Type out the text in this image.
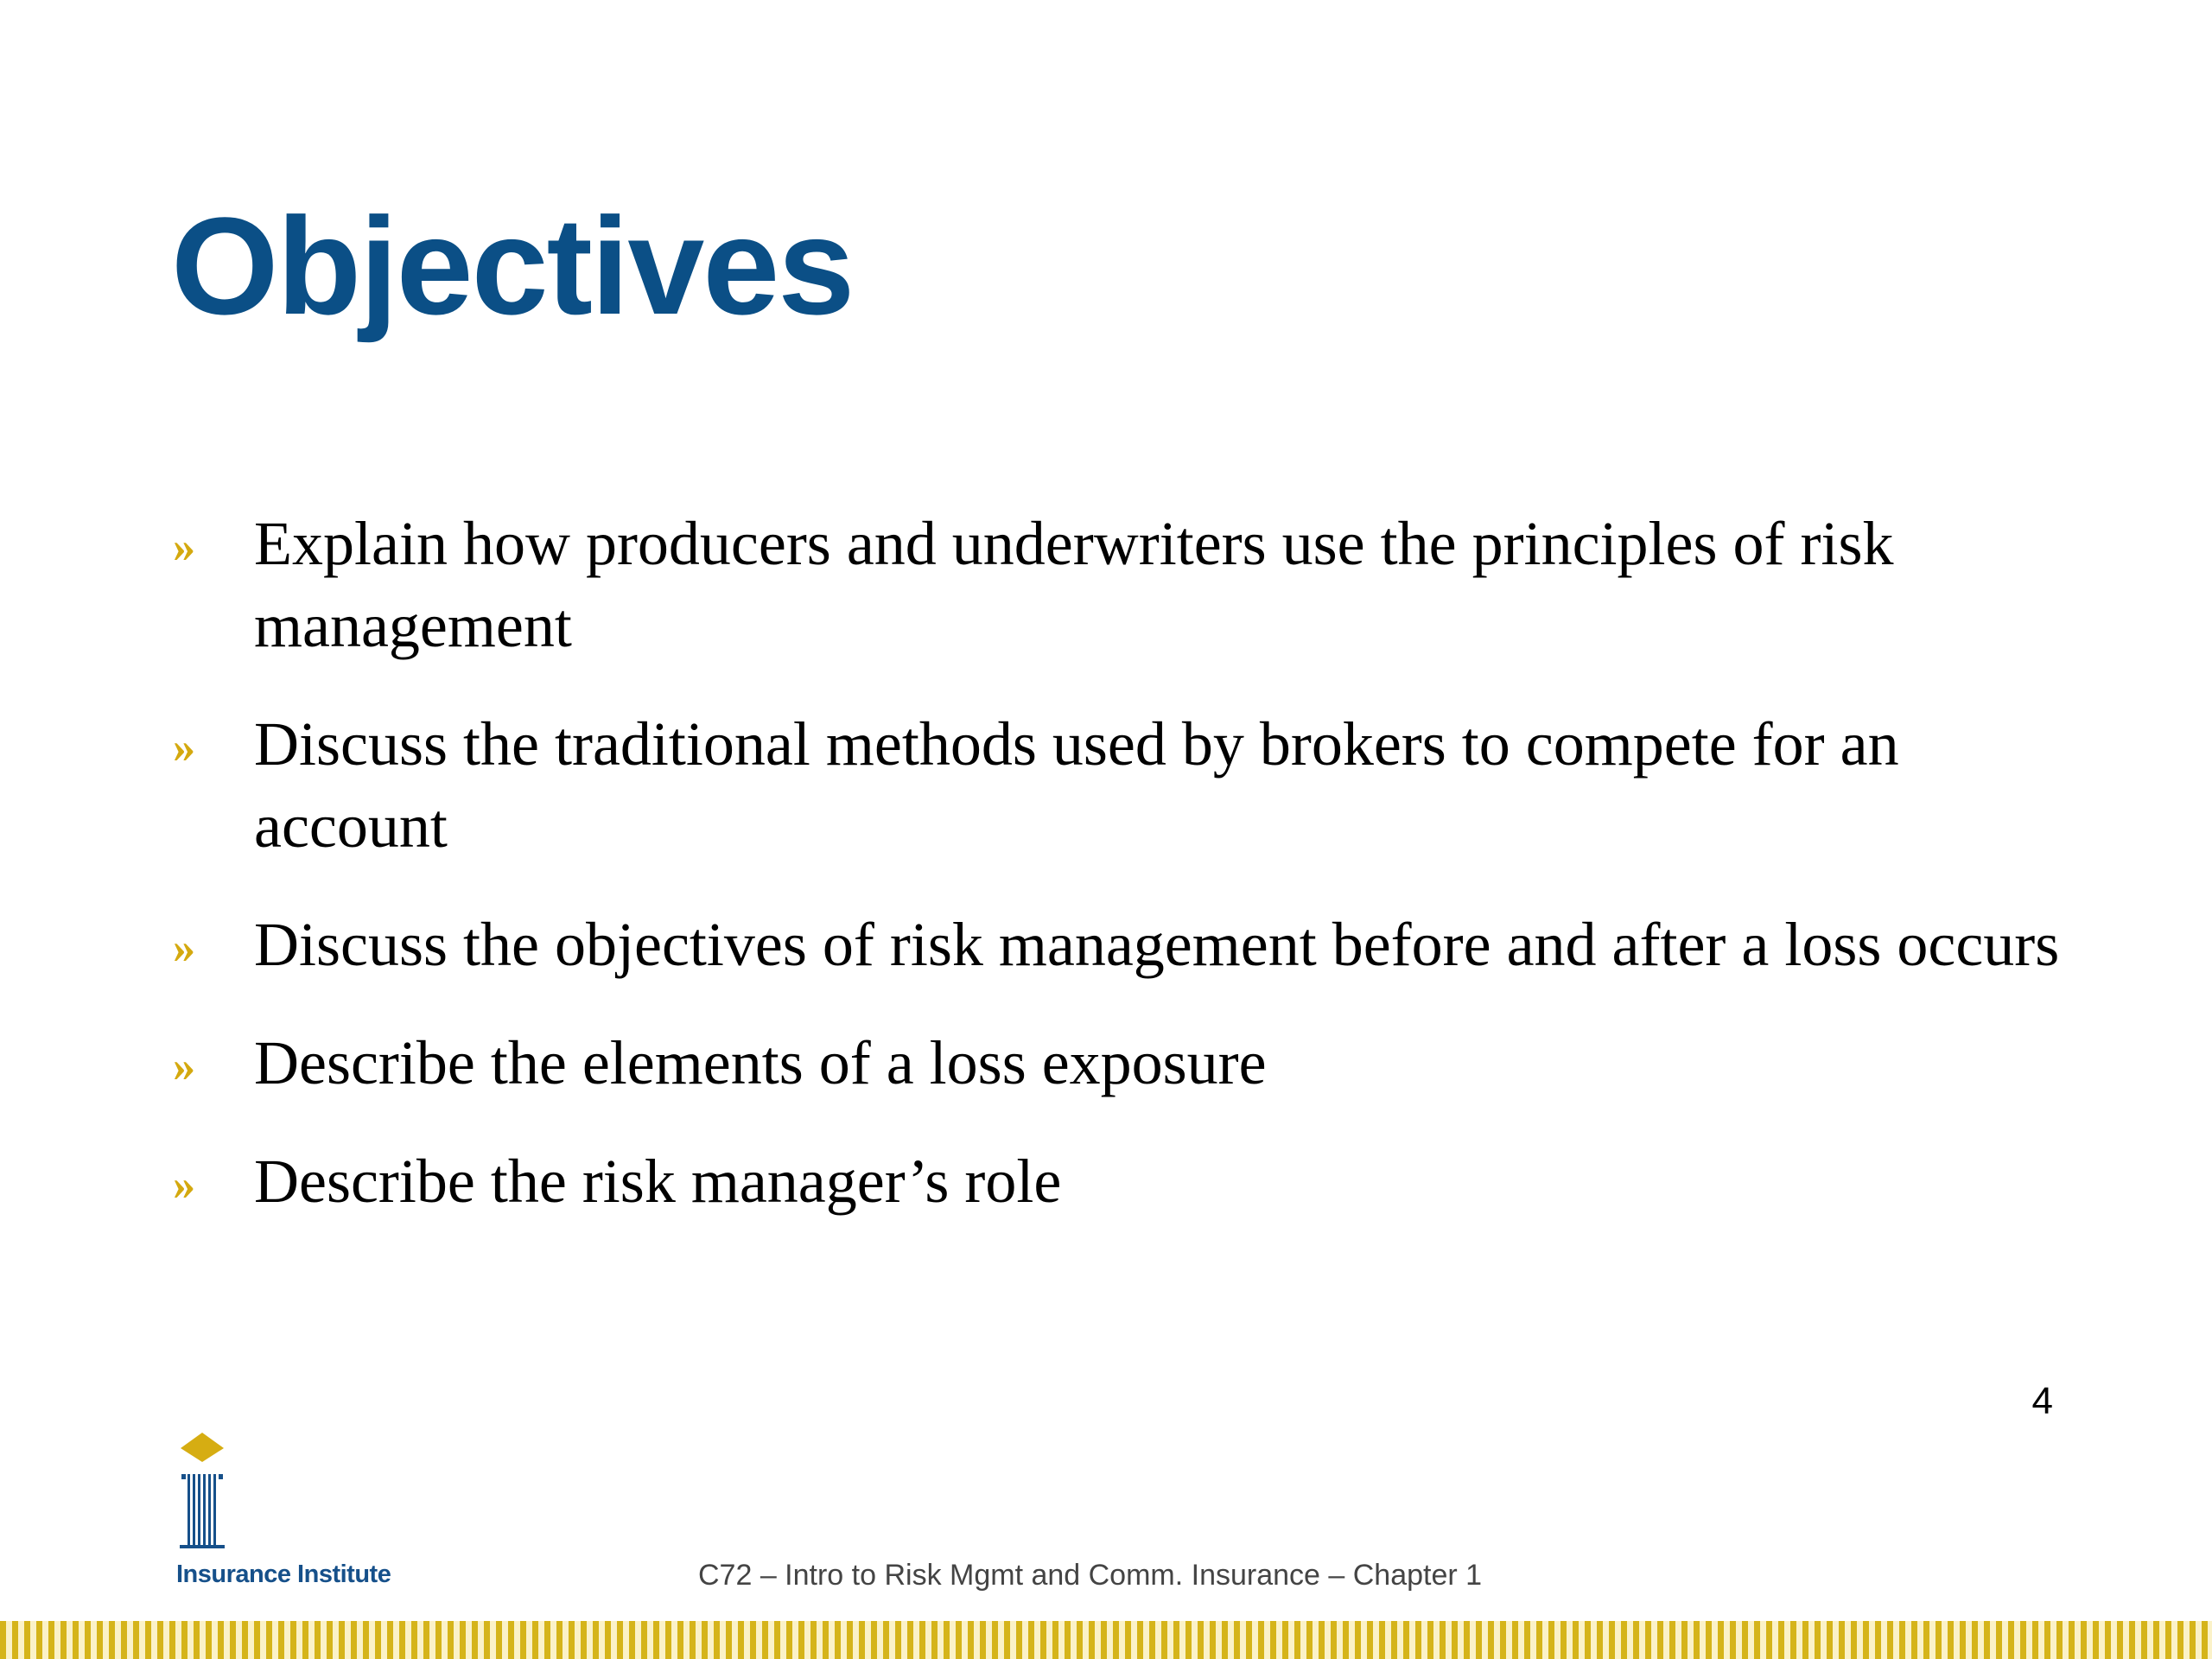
Objectives
» Explain how producers and underwriters use the principles of risk management
» Discuss the traditional methods used by brokers to compete for an account
» Discuss the objectives of risk management before and after a loss occurs
» Describe the elements of a loss exposure
» Describe the risk manager’s role
4
Insurance Institute	C72 – Intro to Risk Mgmt and Comm. Insurance – Chapter 1
